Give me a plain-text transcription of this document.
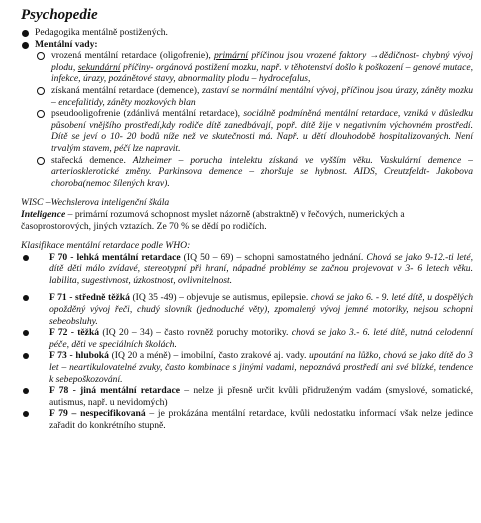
Psychopedie
Pedagogika mentálně postižených.
Mentální vady:
vrozená mentální retardace (oligofrenie), primární příčinou jsou vrozené faktory →dědičnost- chybný vývoj plodu, sekundární příčiny- orgánová postižení mozku, např. v těhotenství došlo k poškození – genové mutace, infekce, úrazy, pozánětové stavy, abnormality plodu – hydrocefalus,
získaná mentální retardace (demence), zastaví se normální mentální vývoj, příčinou jsou úrazy, záněty mozku – encefalitidy, záněty mozkových blan
pseudooligofrenie (zdánlivá mentální retardace), sociálně podmíněná mentální retardace, vzniká v důsledku působení vnějšího prostředí,kdy rodiče dítě zanedbávají, popř. dítě žije v negativním výchovném prostředí. Dítě se jeví o 10- 20 bodů níže než ve skutečnosti má. Např. u dětí dlouhodobě hospitalizovaných. Není trvalým stavem, péčí lze napravit.
stařecká demence. Alzheimer – porucha intelektu získaná ve vyšším věku. Vaskulární demence – arteriosklerotické změny. Parkinsova demence – zhoršuje se hybnost. AIDS, Creutzfeldt- Jakobova choroba(nemoc šílených krav).
WISC –Wechslerova inteligenční škála
Inteligence – primární rozumová schopnost myslet názorně (abstraktně) v řečových, numerických a časoprostorových, jiných vztazích. Ze 70 % se dědí po rodičích.
Klasifikace mentální retardace podle WHO:
F 70 - lehká mentální retardace (IQ 50 – 69) – schopni samostatného jednání. Chová se jako 9-12.-ti leté, dítě děti málo zvídavé, stereotypní při hraní, nápadné problémy se začnou projevovat v 3- 6 letech věku. labilita, sugestivnost, úzkostnost, ovlivnitelnost.
F 71 - středně těžká (IQ 35 -49) – objevuje se autismus, epilepsie. chová se jako 6. - 9. leté dítě, u dospělých opožděný vývoj řeči, chudý slovník (jednoduché věty), zpomalený vývoj jemné motoriky, nejsou schopni sebeobsluhy.
F 72 - těžká (IQ 20 – 34) – často rovněž poruchy motoriky. chová se jako 3.- 6. leté dítě, nutná celodenní péče, děti ve speciálních školách.
F 73 - hluboká (IQ 20 a méně) – imobilní, často zrakové aj. vady. upoutání na lůžko, chová se jako dítě do 3 let – neartikulovatelné zvuky, často kombinace s jinými vadami, nepoznává prostředí ani své blízké, tendence k sebepoškozování.
F 78 - jiná mentální retardace – nelze ji přesně určit kvůli přidruženým vadám (smyslové, somatické, autismus, např. u nevidomých)
F 79 – nespecifikovaná – je prokázána mentální retardace, kvůli nedostatku informací však nelze jedince zařadit do konkrétního stupně.
